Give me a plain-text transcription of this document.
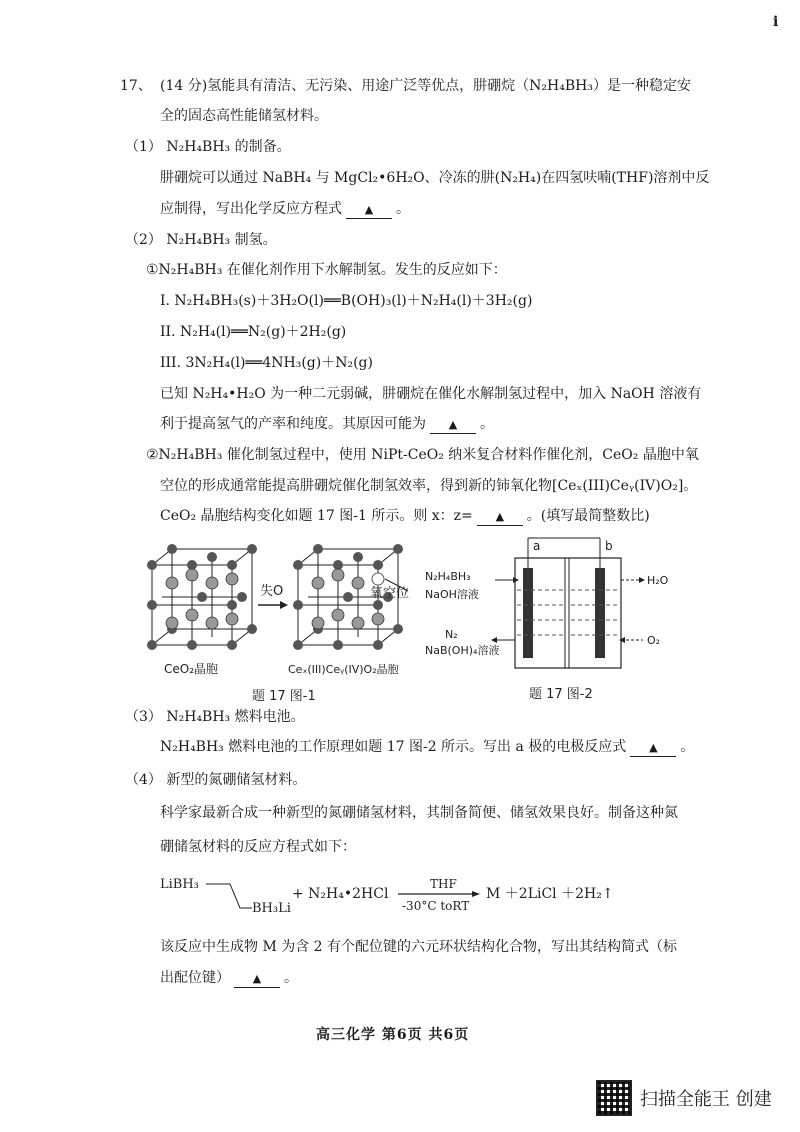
i
17、 (14 分)氢能具有清洁、无污染、用途广泛等优点，肼硼烷（N₂H₄BH₃）是一种稳定安
全的固态高性能储氢材料。
（1） N₂H₄BH₃ 的制备。
肼硼烷可以通过 NaBH₄ 与 MgCl₂•6H₂O、冷冻的肼(N₂H₄)在四氢呋喃(THF)溶剂中反
应制得，写出化学反应方程式 ▲ 。
（2） N₂H₄BH₃ 制氢。
①N₂H₄BH₃ 在催化剂作用下水解制氢。发生的反应如下：
I. N₂H₄BH₃(s)＋3H₂O(l)══B(OH)₃(l)＋N₂H₄(l)＋3H₂(g)
II. N₂H₄(l)══N₂(g)＋2H₂(g)
III. 3N₂H₄(l)══4NH₃(g)＋N₂(g)
已知 N₂H₄•H₂O 为一种二元弱碱，肼硼烷在催化水解制氢过程中，加入 NaOH 溶液有
利于提高氢气的产率和纯度。其原因可能为 ▲ 。
②N₂H₄BH₃ 催化制氢过程中，使用 NiPt-CeO₂ 纳米复合材料作催化剂，CeO₂ 晶胞中氧
空位的形成通常能提高肼硼烷催化制氢效率，得到新的铈氧化物[Ceₓ(III)Ceᵧ(IV)O₂]。
CeO₂ 晶胞结构变化如题 17 图-1 所示。则 x：z= ▲ 。(填写最简整数比)
CeO₂晶胞
失O	氧空位
Ceₓ(III)Ceᵧ(IV)O₂晶胞
题 17 图-1
a	b
N₂H₄BH₃
NaOH溶液
N₂
NaB(OH)₄溶液
H₂O
O₂
题 17 图-2
（3） N₂H₄BH₃ 燃料电池。
N₂H₄BH₃ 燃料电池的工作原理如题 17 图-2 所示。写出 a 极的电极反应式 ▲ 。
（4） 新型的氮硼储氢材料。
科学家最新合成一种新型的氮硼储氢材料，其制备简便、储氢效果良好。制备这种氮
硼储氢材料的反应方程式如下：
LiBH₃
BH₃Li
+ N₂H₄•2HCl
THF
-30°C toRT
M ＋2LiCl ＋2H₂↑
该反应中生成物 M 为含 2 有个配位键的六元环状结构化合物，写出其结构简式（标
出配位键） ▲ 。
高三化学 第6页 共6页
扫描全能王 创建
